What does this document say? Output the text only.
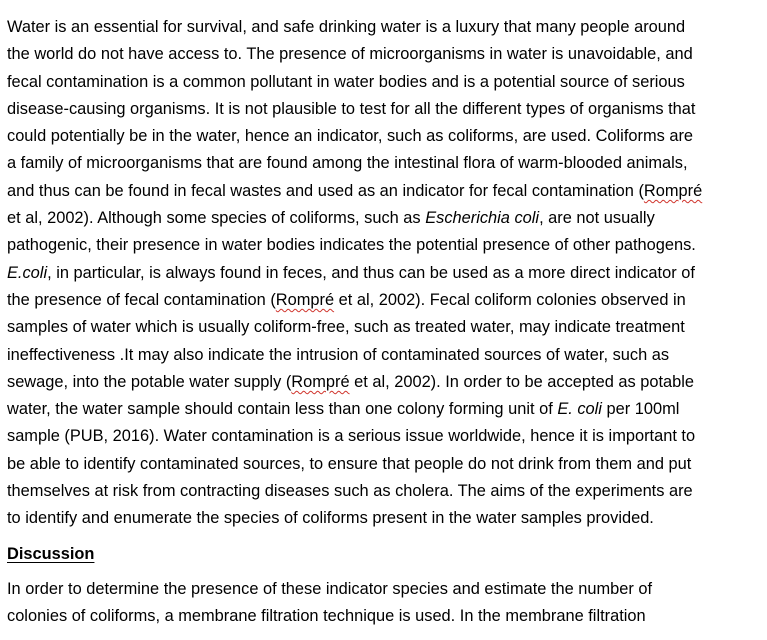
Water is an essential for survival, and safe drinking water is a luxury that many people around
the world do not have access to. The presence of microorganisms in water is unavoidable, and
fecal contamination is a common pollutant in water bodies and is a potential source of serious
disease-causing organisms. It is not plausible to test for all the different types of organisms that
could potentially be in the water, hence an indicator, such as coliforms, are used. Coliforms are
a family of microorganisms that are found among the intestinal flora of warm-blooded animals,
and thus can be found in fecal wastes and used as an indicator for fecal contamination (Rompré
et al, 2002). Although some species of coliforms, such as Escherichia coli, are not usually
pathogenic, their presence in water bodies indicates the potential presence of other pathogens.
E.coli, in particular, is always found in feces, and thus can be used as a more direct indicator of
the presence of fecal contamination (Rompré et al, 2002). Fecal coliform colonies observed in
samples of water which is usually coliform-free, such as treated water, may indicate treatment
ineffectiveness .It may also indicate the intrusion of contaminated sources of water, such as
sewage, into the potable water supply (Rompré et al, 2002). In order to be accepted as potable
water, the water sample should contain less than one colony forming unit of E. coli per 100ml
sample (PUB, 2016). Water contamination is a serious issue worldwide, hence it is important to
be able to identify contaminated sources, to ensure that people do not drink from them and put
themselves at risk from contracting diseases such as cholera. The aims of the experiments are
to identify and enumerate the species of coliforms present in the water samples provided.
Discussion
In order to determine the presence of these indicator species and estimate the number of
colonies of coliforms, a membrane filtration technique is used. In the membrane filtration
